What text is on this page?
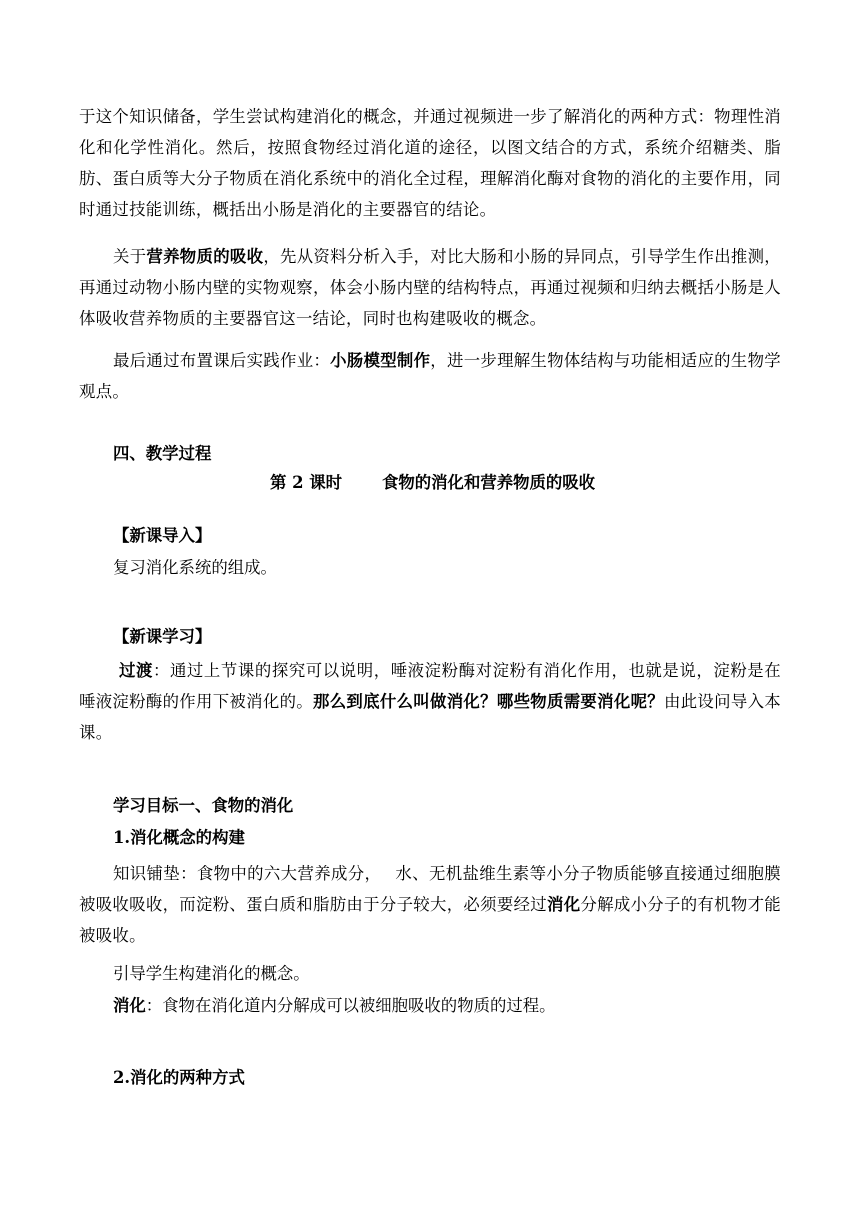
于这个知识储备，学生尝试构建消化的概念，并通过视频进一步了解消化的两种方式：物理性消化和化学性消化。然后，按照食物经过消化道的途径，以图文结合的方式，系统介绍糖类、脂肪、蛋白质等大分子物质在消化系统中的消化全过程，理解消化酶对食物的消化的主要作用，同时通过技能训练，概括出小肠是消化的主要器官的结论。

关于营养物质的吸收，先从资料分析入手，对比大肠和小肠的异同点，引导学生作出推测，再通过动物小肠内壁的实物观察，体会小肠内壁的结构特点，再通过视频和归纳去概括小肠是人体吸收营养物质的主要器官这一结论，同时也构建吸收的概念。

最后通过布置课后实践作业：小肠模型制作，进一步理解生物体结构与功能相适应的生物学观点。

四、教学过程

第 2 课时 食物的消化和营养物质的吸收

【新课导入】

复习消化系统的组成。

【新课学习】

过渡：通过上节课的探究可以说明，唾液淀粉酶对淀粉有消化作用，也就是说，淀粉是在唾液淀粉酶的作用下被消化的。那么到底什么叫做消化？哪些物质需要消化呢？由此设问导入本课。

学习目标一、食物的消化

1.消化概念的构建

知识铺垫：食物中的六大营养成分，　 水、无机盐维生素等小分子物质能够直接通过细胞膜被吸收吸收，而淀粉、蛋白质和脂肪由于分子较大，必须要经过消化分解成小分子的有机物才能被吸收。

引导学生构建消化的概念。

消化：食物在消化道内分解成可以被细胞吸收的物质的过程。

2.消化的两种方式
